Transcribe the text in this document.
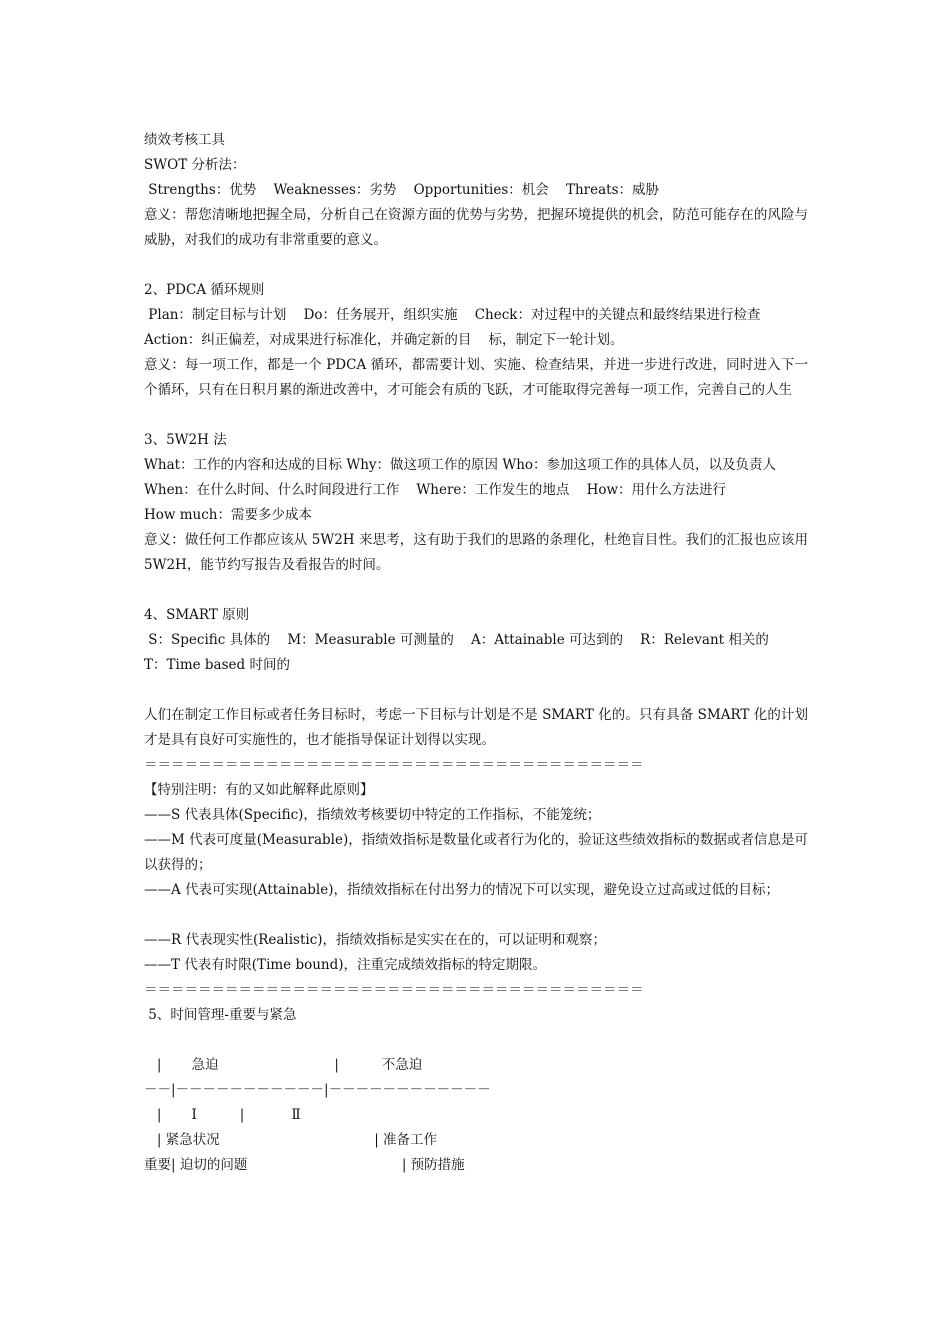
绩效考核工具
SWOT 分析法：
Strengths：优势    Weaknesses：劣势    Opportunities：机会    Threats：威胁
意义：帮您清晰地把握全局，分析自己在资源方面的优势与劣势，把握环境提供的机会，防范可能存在的风险与威胁，对我们的成功有非常重要的意义。
2、PDCA 循环规则
Plan：制定目标与计划    Do：任务展开，组织实施    Check：对过程中的关键点和最终结果进行检查
Action：纠正偏差，对成果进行标准化，并确定新的目    标，制定下一轮计划。
意义：每一项工作，都是一个 PDCA 循环，都需要计划、实施、检查结果，并进一步进行改进，同时进入下一个循环，只有在日积月累的渐进改善中，才可能会有质的飞跃，才可能取得完善每一项工作，完善自己的人生
3、5W2H 法
What：工作的内容和达成的目标 Why：做这项工作的原因 Who：参加这项工作的具体人员，以及负责人
When：在什么时间、什么时间段进行工作    Where：工作发生的地点    How：用什么方法进行
How much：需要多少成本
意义：做任何工作都应该从 5W2H 来思考，这有助于我们的思路的条理化，杜绝盲目性。我们的汇报也应该用 5W2H，能节约写报告及看报告的时间。
4、SMART 原则
S：Specific 具体的    M：Measurable 可测量的    A：Attainable 可达到的    R：Relevant 相关的
T：Time based 时间的
人们在制定工作目标或者任务目标时，考虑一下目标与计划是不是 SMART 化的。只有具备 SMART 化的计划才是具有良好可实施性的，也才能指导保证计划得以实现。
＝＝＝＝＝＝＝＝＝＝＝＝＝＝＝＝＝＝＝＝＝＝＝＝＝＝＝＝＝＝＝＝＝＝＝＝＝
【特别注明：有的又如此解释此原则】
——S 代表具体(Specific)，指绩效考核要切中特定的工作指标，不能笼统；
——M 代表可度量(Measurable)，指绩效指标是数量化或者行为化的，验证这些绩效指标的数据或者信息是可以获得的；
——A 代表可实现(Attainable)，指绩效指标在付出努力的情况下可以实现，避免设立过高或过低的目标；
——R 代表现实性(Realistic)，指绩效指标是实实在在的，可以证明和观察；
——T 代表有时限(Time bound)，注重完成绩效指标的特定期限。
＝＝＝＝＝＝＝＝＝＝＝＝＝＝＝＝＝＝＝＝＝＝＝＝＝＝＝＝＝＝＝＝＝＝＝＝＝
5、时间管理-重要与紧急
|       急迫                           |          不急迫
－－|－－－－－－－－－－－|－－－－－－－－－－－－
|       Ⅰ          |           Ⅱ
| 紧急状况                                    | 准备工作
重要| 迫切的问题                                    | 预防措施
